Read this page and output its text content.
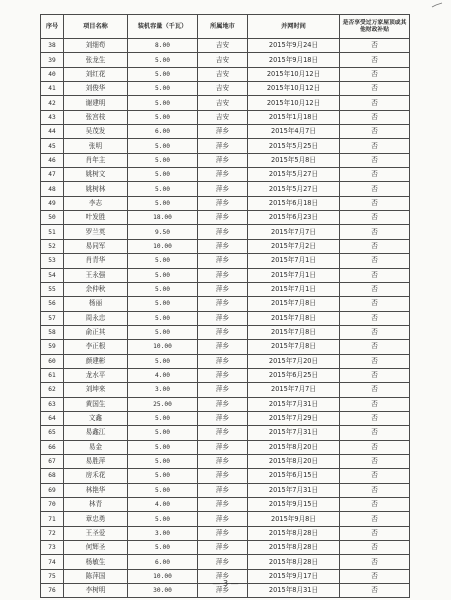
序号	项目名称	装机容量（千瓦）	所属地市	并网时间	是否享受过万家屋顶或其他财政补贴
38	刘细苟	8.00	吉安	2015年9月24日	否
39	张龙生	5.00	吉安	2015年9月18日	否
40	刘红花	5.00	吉安	2015年10月12日	否
41	刘俊华	5.00	吉安	2015年10月12日	否
42	谢建明	5.00	吉安	2015年10月12日	否
43	张宫枝	5.00	吉安	2015年1月18日	否
44	吴茂发	6.00	萍乡	2015年4月7日	否
45	张明	5.00	萍乡	2015年5月25日	否
46	肖年主	5.00	萍乡	2015年5月8日	否
47	姚树文	5.00	萍乡	2015年5月27日	否
48	姚树林	5.00	萍乡	2015年5月27日	否
49	李志	5.00	萍乡	2015年6月18日	否
50	叶发胜	18.00	萍乡	2015年6月23日	否
51	罗兰英	9.50	萍乡	2015年7月7日	否
52	易同军	10.00	萍乡	2015年7月2日	否
53	肖青华	5.00	萍乡	2015年7月1日	否
54	王永强	5.00	萍乡	2015年7月1日	否
55	余仲秋	5.00	萍乡	2015年7月1日	否
56	杨丽	5.00	萍乡	2015年7月8日	否
57	周永忠	5.00	萍乡	2015年7月8日	否
58	俞正其	5.00	萍乡	2015年7月8日	否
59	李正根	10.00	萍乡	2015年7月8日	否
60	颜建彬	5.00	萍乡	2015年7月20日	否
61	龙水平	4.00	萍乡	2015年6月25日	否
62	刘坤来	3.00	萍乡	2015年7月7日	否
63	黄国生	25.00	萍乡	2015年7月31日	否
64	文鑫	5.00	萍乡	2015年7月29日	否
65	易鑫江	5.00	萍乡	2015年7月31日	否
66	易金	5.00	萍乡	2015年8月20日	否
67	易胜萍	5.00	萍乡	2015年8月20日	否
68	房禾花	5.00	萍乡	2015年6月15日	否
69	林艳华	5.00	萍乡	2015年7月31日	否
70	林青	4.00	萍乡	2015年9月15日	否
71	章忠勇	5.00	萍乡	2015年9月8日	否
72	王圣爱	3.00	萍乡	2015年8月28日	否
73	何辉圣	5.00	萍乡	2015年8月28日	否
74	杨敏生	6.00	萍乡	2015年8月28日	否
75	陈萍国	10.00	萍乡	2015年9月17日	否
76	李树明	30.00	萍乡	2015年8月31日	否
— 3 —
